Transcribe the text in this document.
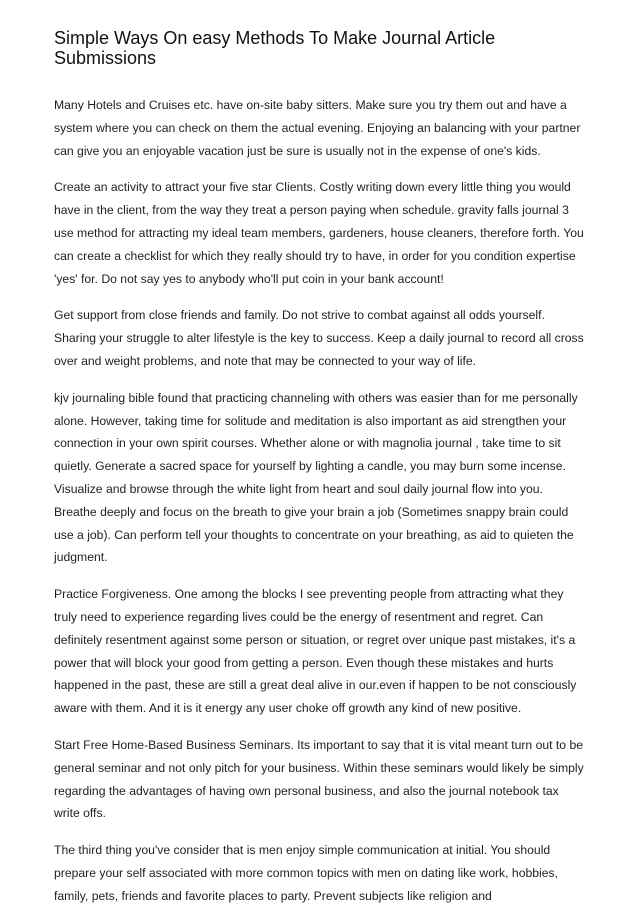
Simple Ways On easy Methods To Make Journal Article Submissions

Many Hotels and Cruises etc. have on-site baby sitters. Make sure you try them out and have a system where you can check on them the actual evening. Enjoying an balancing with your partner can give you an enjoyable vacation just be sure is usually not in the expense of one's kids.

Create an activity to attract your five star Clients. Costly writing down every little thing you would have in the client, from the way they treat a person paying when schedule. gravity falls journal 3 use method for attracting my ideal team members, gardeners, house cleaners, therefore forth. You can create a checklist for which they really should try to have, in order for you condition expertise 'yes' for. Do not say yes to anybody who'll put coin in your bank account!

Get support from close friends and family. Do not strive to combat against all odds yourself. Sharing your struggle to alter lifestyle is the key to success. Keep a daily journal to record all cross over and weight problems, and note that may be connected to your way of life.

kjv journaling bible found that practicing channeling with others was easier than for me personally alone. However, taking time for solitude and meditation is also important as aid strengthen your connection in your own spirit courses. Whether alone or with magnolia journal , take time to sit quietly. Generate a sacred space for yourself by lighting a candle, you may burn some incense. Visualize and browse through the white light from heart and soul daily journal flow into you. Breathe deeply and focus on the breath to give your brain a job (Sometimes snappy brain could use a job). Can perform tell your thoughts to concentrate on your breathing, as aid to quieten the judgment.

Practice Forgiveness. One among the blocks I see preventing people from attracting what they truly need to experience regarding lives could be the energy of resentment and regret. Can definitely resentment against some person or situation, or regret over unique past mistakes, it's a power that will block your good from getting a person. Even though these mistakes and hurts happened in the past, these are still a great deal alive in our.even if happen to be not consciously aware with them. And it is it energy any user choke off growth any kind of new positive.

Start Free Home-Based Business Seminars. Its important to say that it is vital meant turn out to be general seminar and not only pitch for your business. Within these seminars would likely be simply regarding the advantages of having own personal business, and also the journal notebook tax write offs.

The third thing you've consider that is men enjoy simple communication at initial. You should prepare your self associated with more common topics with men on dating like work, hobbies, family, pets, friends and favorite places to party. Prevent subjects like religion and
